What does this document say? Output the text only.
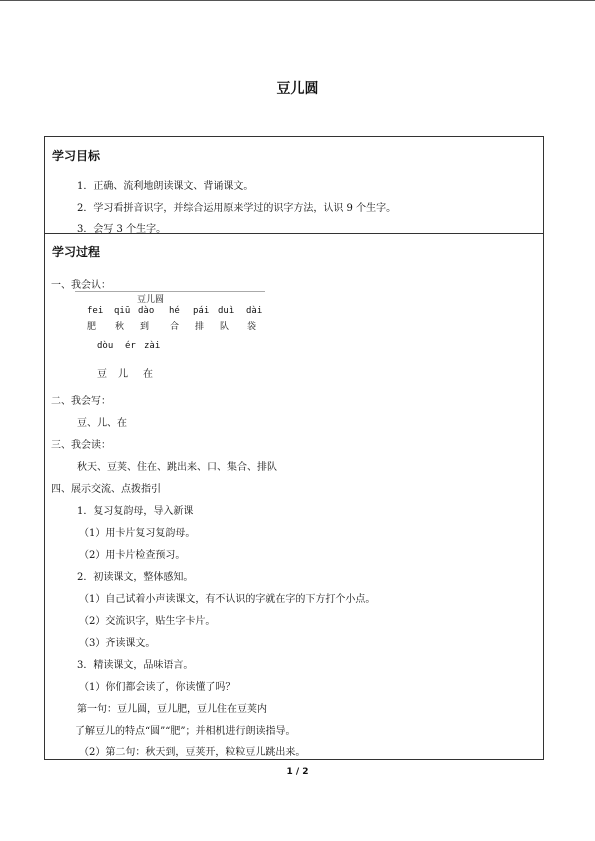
豆儿圆
学习目标
1．正确、流利地朗读课文、背诵课文。
2．学习看拼音识字，并综合运用原来学过的识字方法，认识 9 个生字。
3．会写 3 个生字。
学习过程
一、我会认：
豆儿圆
fei qiū dào hé pái duì dài
肥 秋 到 合 排 队 袋
dòu ér zài
豆 儿 在
二、我会写：
豆、儿、在
三、我会读：
秋天、豆荚、住在、跳出来、口、集合、排队
四、展示交流、点拨指引
1．复习复韵母，导入新课
（1）用卡片复习复韵母。
（2）用卡片检查预习。
2．初读课文，整体感知。
（1）自己试着小声读课文，有不认识的字就在字的下方打个小点。
（2）交流识字，贴生字卡片。
（3）齐读课文。
3．精读课文，品味语言。
（1）你们都会读了，你读懂了吗？
第一句：豆儿圆，豆儿肥，豆儿住在豆荚内
了解豆儿的特点“圆”“肥”；并相机进行朗读指导。
（2）第二句：秋天到，豆荚开，粒粒豆儿跳出来。
1 / 2
